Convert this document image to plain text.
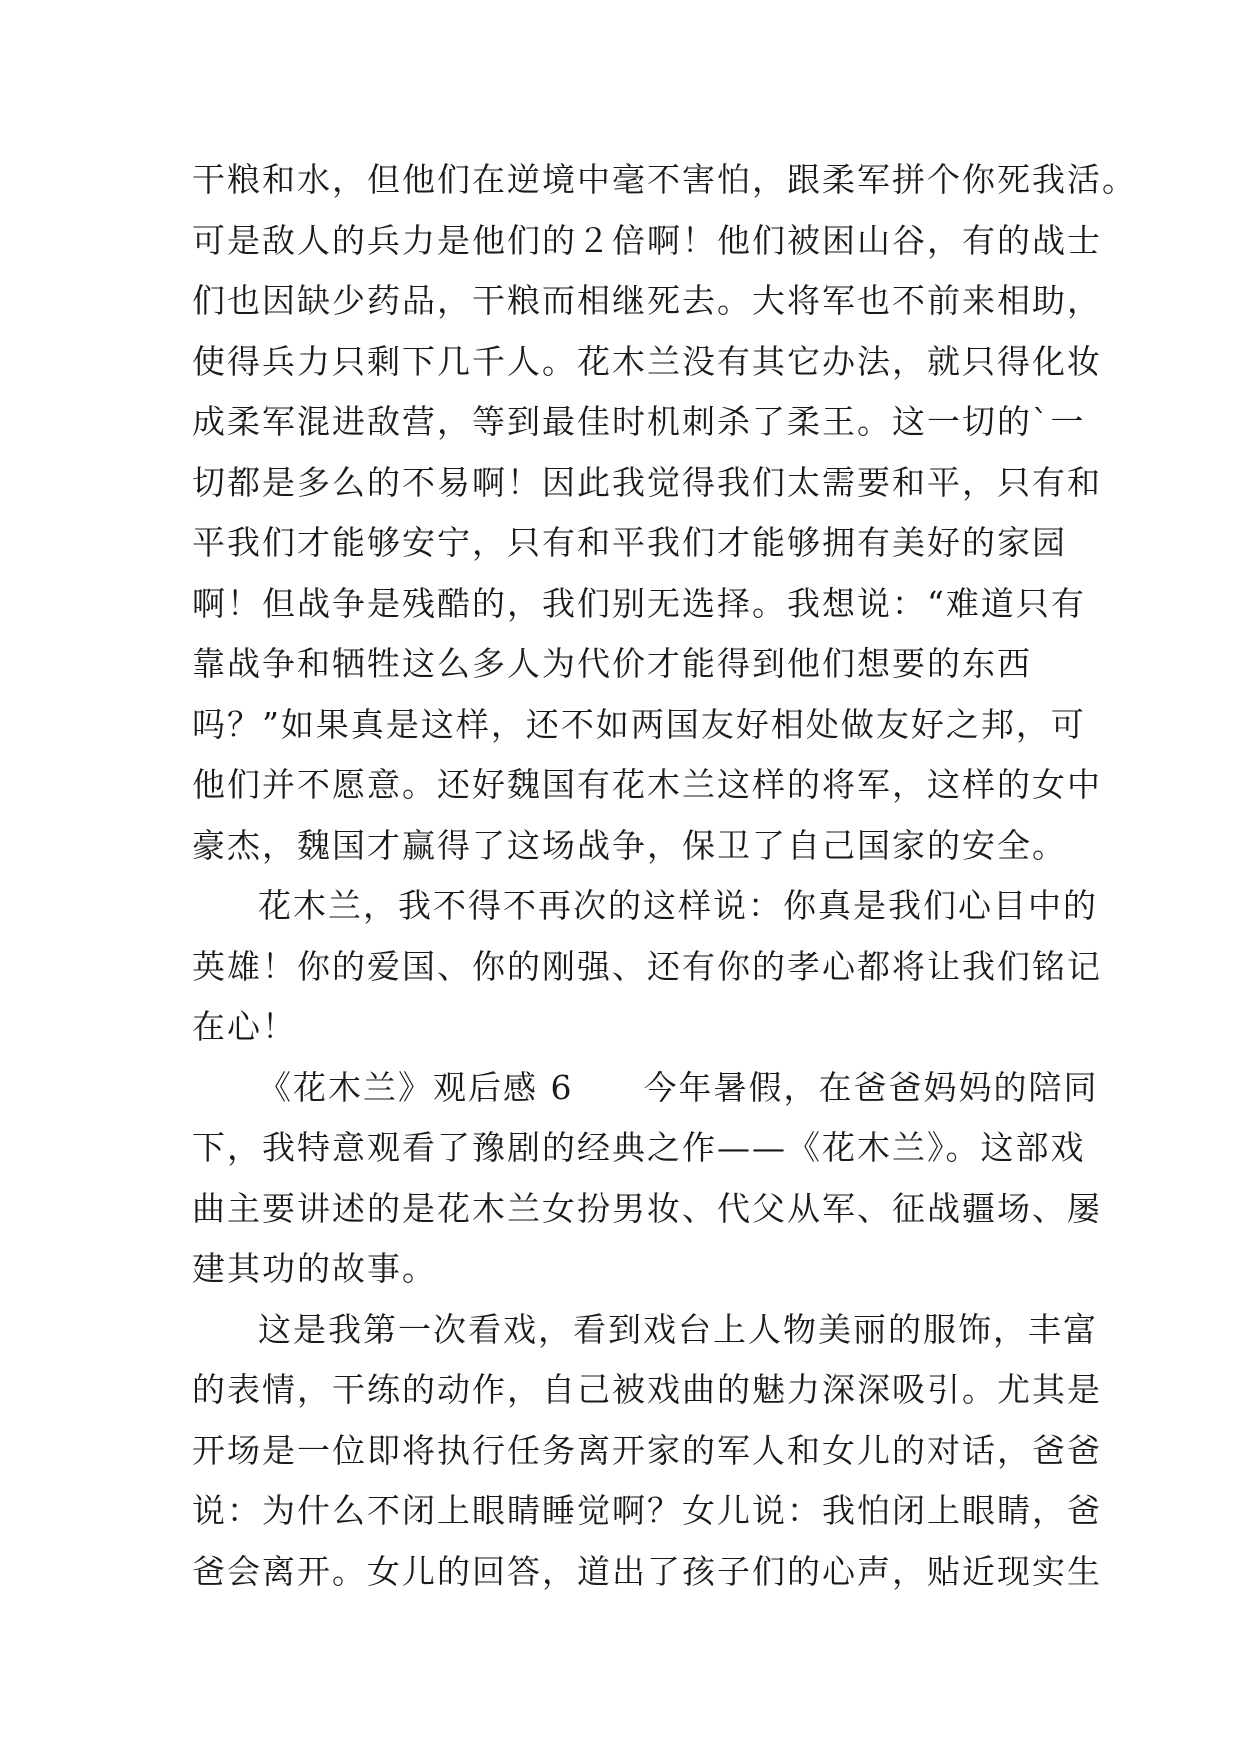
干粮和水，但他们在逆境中毫不害怕，跟柔军拼个你死我活。
可是敌人的兵力是他们的２倍啊！他们被困山谷，有的战士
们也因缺少药品，干粮而相继死去。大将军也不前来相助，
使得兵力只剩下几千人。花木兰没有其它办法，就只得化妆
成柔军混进敌营，等到最佳时机刺杀了柔王。这一切的`一
切都是多么的不易啊！因此我觉得我们太需要和平，只有和
平我们才能够安宁，只有和平我们才能够拥有美好的家园
啊！但战争是残酷的，我们别无选择。我想说：“难道只有
靠战争和牺牲这么多人为代价才能得到他们想要的东西
吗？”如果真是这样，还不如两国友好相处做友好之邦，可
他们并不愿意。还好魏国有花木兰这样的将军，这样的女中
豪杰，魏国才赢得了这场战争，保卫了自己国家的安全。
花木兰，我不得不再次的这样说：你真是我们心目中的
英雄！你的爱国、你的刚强、还有你的孝心都将让我们铭记
在心！
《花木兰》观后感 6 今年暑假，在爸爸妈妈的陪同
下，我特意观看了豫剧的经典之作——《花木兰》。这部戏
曲主要讲述的是花木兰女扮男妆、代父从军、征战疆场、屡
建其功的故事。
这是我第一次看戏，看到戏台上人物美丽的服饰，丰富
的表情，干练的动作，自己被戏曲的魅力深深吸引。尤其是
开场是一位即将执行任务离开家的军人和女儿的对话，爸爸
说：为什么不闭上眼睛睡觉啊？女儿说：我怕闭上眼睛，爸
爸会离开。女儿的回答，道出了孩子们的心声，贴近现实生
